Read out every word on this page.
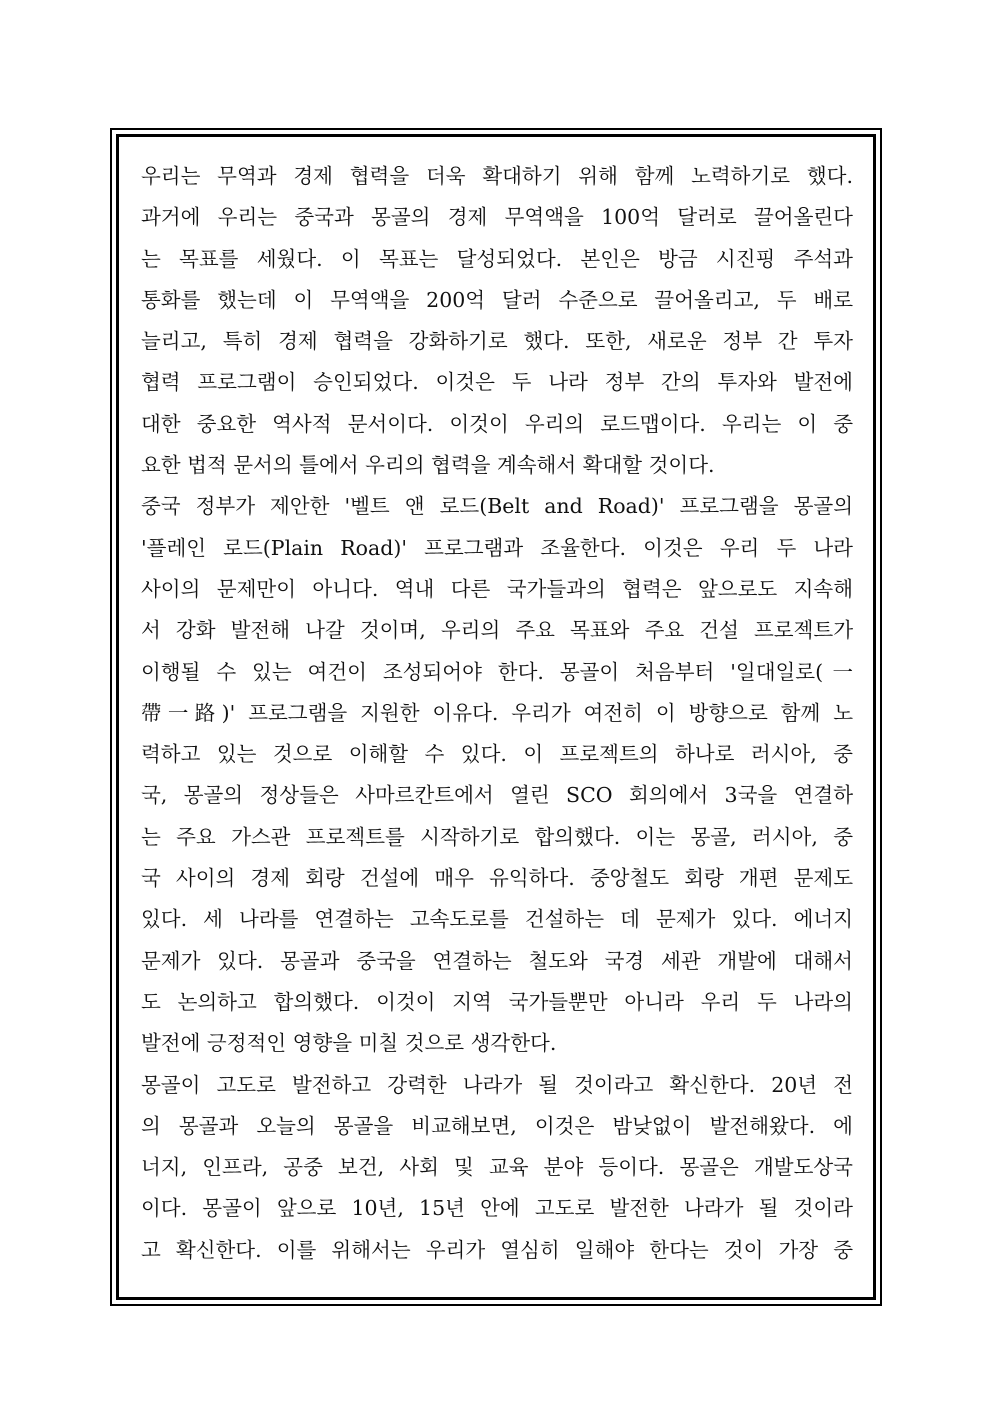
우리는 무역과 경제 협력을 더욱 확대하기 위해 함께 노력하기로 했다.
과거에 우리는 중국과 몽골의 경제 무역액을 100억 달러로 끌어올린다
는 목표를 세웠다. 이 목표는 달성되었다. 본인은 방금 시진핑 주석과
통화를 했는데 이 무역액을 200억 달러 수준으로 끌어올리고, 두 배로
늘리고, 특히 경제 협력을 강화하기로 했다. 또한, 새로운 정부 간 투자
협력 프로그램이 승인되었다. 이것은 두 나라 정부 간의 투자와 발전에
대한 중요한 역사적 문서이다. 이것이 우리의 로드맵이다. 우리는 이 중
요한 법적 문서의 틀에서 우리의 협력을 계속해서 확대할 것이다.
중국 정부가 제안한 '벨트 앤 로드(Belt and Road)' 프로그램을 몽골의
'플레인 로드(Plain Road)' 프로그램과 조율한다. 이것은 우리 두 나라
사이의 문제만이 아니다. 역내 다른 국가들과의 협력은 앞으로도 지속해
서 강화 발전해 나갈 것이며, 우리의 주요 목표와 주요 건설 프로젝트가
이행될 수 있는 여건이 조성되어야 한다. 몽골이 처음부터 '일대일로(一
帶一路)' 프로그램을 지원한 이유다. 우리가 여전히 이 방향으로 함께 노
력하고 있는 것으로 이해할 수 있다. 이 프로젝트의 하나로 러시아, 중
국, 몽골의 정상들은 사마르칸트에서 열린 SCO 회의에서 3국을 연결하
는 주요 가스관 프로젝트를 시작하기로 합의했다. 이는 몽골, 러시아, 중
국 사이의 경제 회랑 건설에 매우 유익하다. 중앙철도 회랑 개편 문제도
있다. 세 나라를 연결하는 고속도로를 건설하는 데 문제가 있다. 에너지
문제가 있다. 몽골과 중국을 연결하는 철도와 국경 세관 개발에 대해서
도 논의하고 합의했다. 이것이 지역 국가들뿐만 아니라 우리 두 나라의
발전에 긍정적인 영향을 미칠 것으로 생각한다.
몽골이 고도로 발전하고 강력한 나라가 될 것이라고 확신한다. 20년 전
의 몽골과 오늘의 몽골을 비교해보면, 이것은 밤낮없이 발전해왔다. 에
너지, 인프라, 공중 보건, 사회 및 교육 분야 등이다. 몽골은 개발도상국
이다. 몽골이 앞으로 10년, 15년 안에 고도로 발전한 나라가 될 것이라
고 확신한다. 이를 위해서는 우리가 열심히 일해야 한다는 것이 가장 중
